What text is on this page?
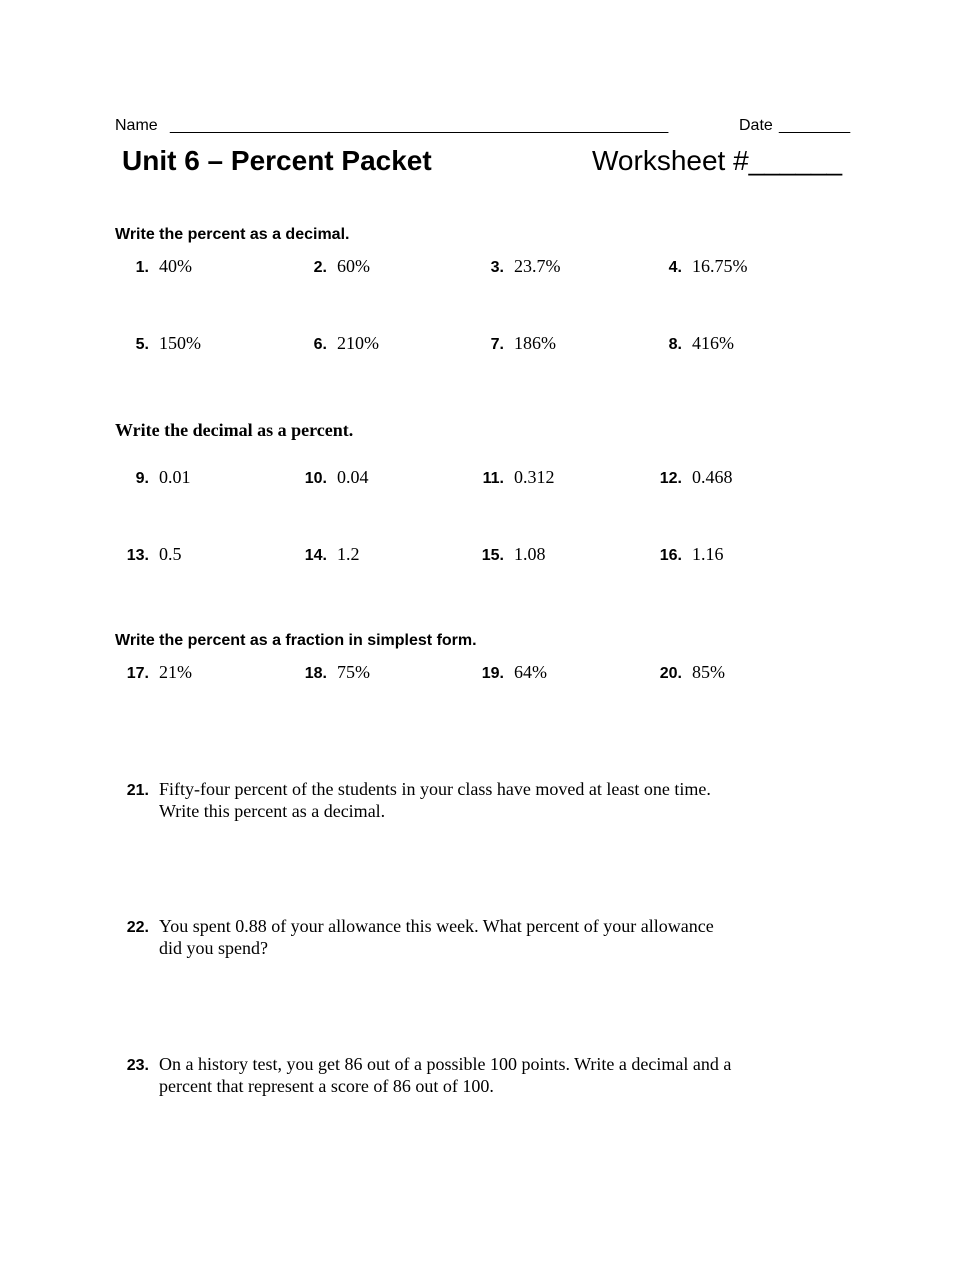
Name ________________________________________________________	Date ________
Unit 6 – Percent Packet	Worksheet #______
Write the percent as a decimal.
1. 40%	2. 60%	3. 23.7%	4. 16.75%
5. 150%	6. 210%	7. 186%	8. 416%
Write the decimal as a percent.
9. 0.01	10. 0.04	11. 0.312	12. 0.468
13. 0.5	14. 1.2	15. 1.08	16. 1.16
Write the percent as a fraction in simplest form.
17. 21%	18. 75%	19. 64%	20. 85%
21. Fifty-four percent of the students in your class have moved at least one time. Write this percent as a decimal.
22. You spent 0.88 of your allowance this week. What percent of your allowance did you spend?
23. On a history test, you get 86 out of a possible 100 points. Write a decimal and a percent that represent a score of 86 out of 100.
